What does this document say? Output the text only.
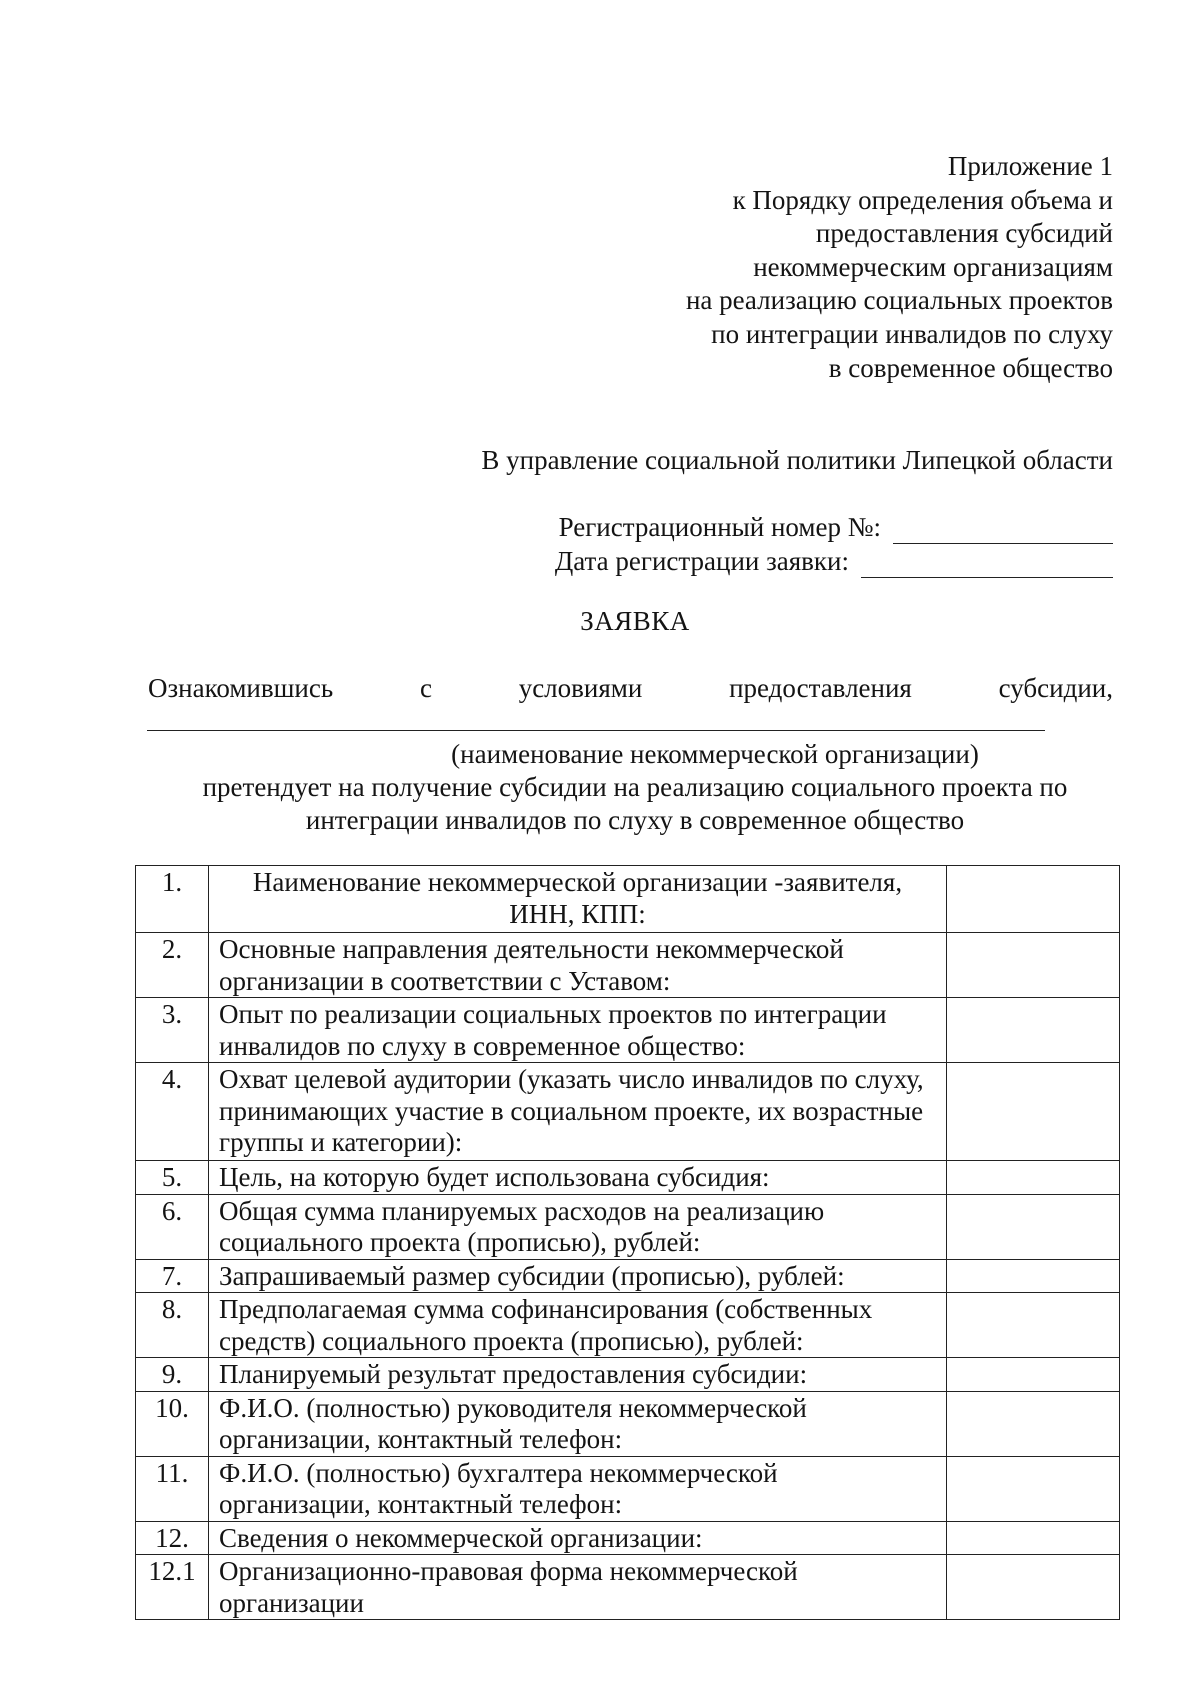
Приложение 1
к Порядку определения объема и
предоставления субсидий
некоммерческим организациям
на реализацию социальных проектов
по интеграции инвалидов по слуху
в современное общество
В управление социальной политики Липецкой области
Регистрационный номер №:
Дата регистрации заявки:
ЗАЯВКА
Ознакомившись	с	условиями	предоставления	субсидии,
(наименование некоммерческой организации)
претендует на получение субсидии на реализацию социального проекта по
интеграции инвалидов по слуху в современное общество
1.	Наименование некоммерческой организации -заявителя, ИНН, КПП:	
2.	Основные направления деятельности некоммерческой организации в соответствии с Уставом:	
3.	Опыт по реализации социальных проектов по интеграции инвалидов по слуху в современное общество:	
4.	Охват целевой аудитории (указать число инвалидов по слуху, принимающих участие в социальном проекте, их возрастные группы и категории):	
5.	Цель, на которую будет использована субсидия:	
6.	Общая сумма планируемых расходов на реализацию социального проекта (прописью), рублей:	
7.	Запрашиваемый размер субсидии (прописью), рублей:	
8.	Предполагаемая сумма софинансирования (собственных средств) социального проекта (прописью), рублей:	
9.	Планируемый результат предоставления субсидии:	
10.	Ф.И.О. (полностью) руководителя некоммерческой организации, контактный телефон:	
11.	Ф.И.О. (полностью) бухгалтера некоммерческой организации, контактный телефон:	
12.	Сведения о некоммерческой организации:	
12.1	Организационно-правовая форма некоммерческой организации	
